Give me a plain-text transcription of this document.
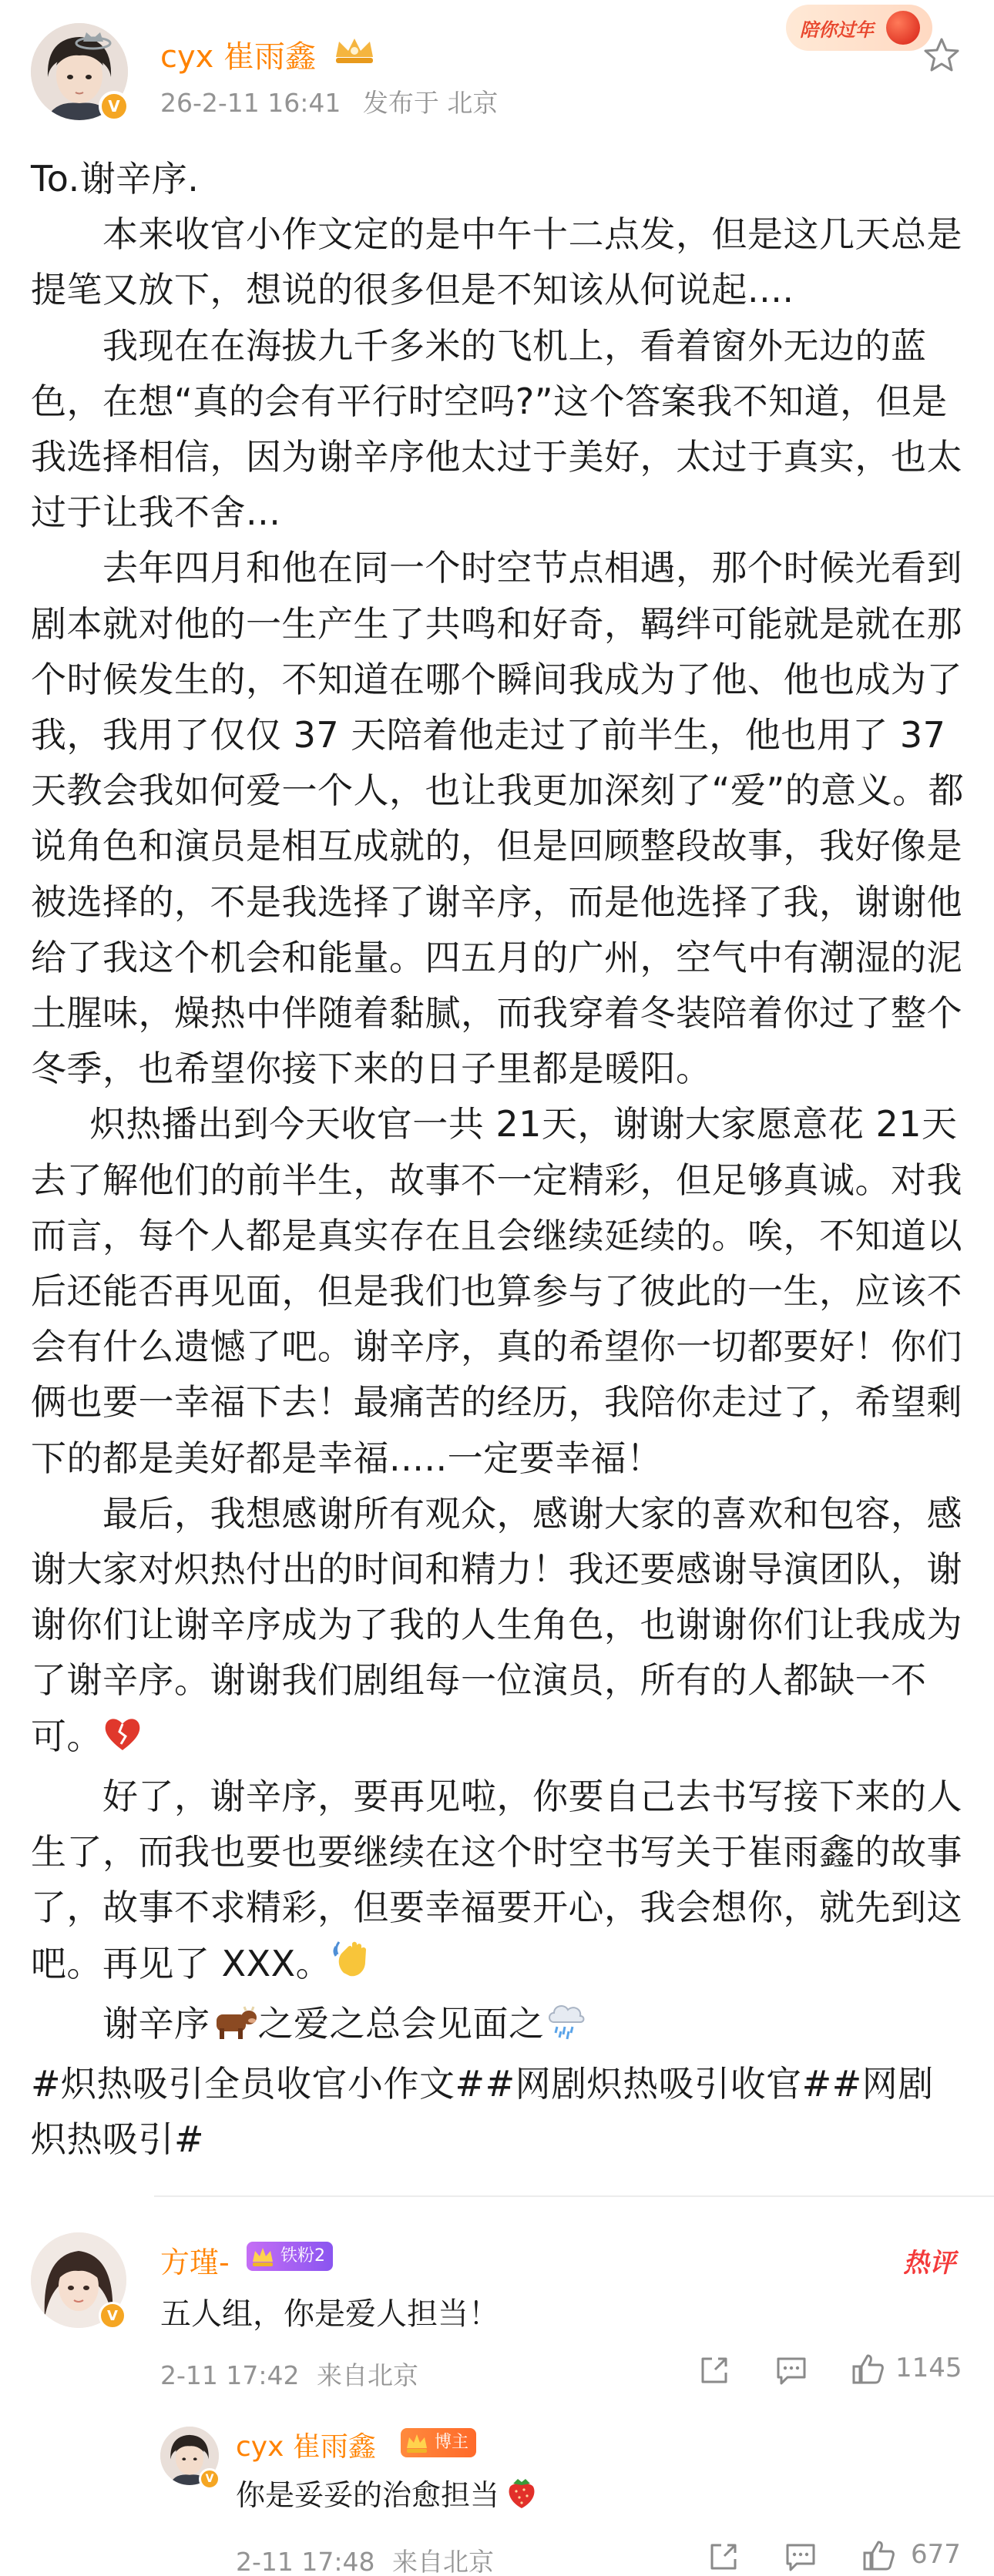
V
cyx 崔雨鑫
26-2-11 16:41 发布于 北京
陪你过年

To.谢辛序.

　　本来收官小作文定的是中午十二点发，但是这几天总是提笔又放下，想说的很多但是不知该从何说起....

　　我现在在海拔九千多米的飞机上，看着窗外无边的蓝色，在想“真的会有平行时空吗?”这个答案我不知道，但是我选择相信，因为谢辛序他太过于美好，太过于真实，也太过于让我不舍...

　　去年四月和他在同一个时空节点相遇，那个时候光看到剧本就对他的一生产生了共鸣和好奇，羁绊可能就是就在那个时候发生的，不知道在哪个瞬间我成为了他、他也成为了我，我用了仅仅 37 天陪着他走过了前半生，他也用了 37 天教会我如何爱一个人，也让我更加深刻了“爱”的意义。都说角色和演员是相互成就的，但是回顾整段故事，我好像是被选择的，不是我选择了谢辛序，而是他选择了我，谢谢他给了我这个机会和能量。四五月的广州，空气中有潮湿的泥土腥味，燥热中伴随着黏腻，而我穿着冬装陪着你过了整个冬季，也希望你接下来的日子里都是暖阳。

　  炽热播出到今天收官一共 21天，谢谢大家愿意花 21天去了解他们的前半生，故事不一定精彩，但足够真诚。对我而言，每个人都是真实存在且会继续延续的。唉，不知道以后还能否再见面，但是我们也算参与了彼此的一生，应该不会有什么遗憾了吧。谢辛序，真的希望你一切都要好！你们俩也要一幸福下去！最痛苦的经历，我陪你走过了，希望剩下的都是美好都是幸福.....一定要幸福！

　　最后，我想感谢所有观众，感谢大家的喜欢和包容，感谢大家对炽热付出的时间和精力！我还要感谢导演团队，谢谢你们让谢辛序成为了我的人生角色，也谢谢你们让我成为了谢辛序。谢谢我们剧组每一位演员，所有的人都缺一不可。

　　好了，谢辛序，要再见啦，你要自己去书写接下来的人生了，而我也要也要继续在这个时空书写关于崔雨鑫的故事了，故事不求精彩，但要幸福要开心，我会想你，就先到这吧。再见了 XXX。

　　谢辛序 之爱之总会见面之

#炽热吸引全员收官小作文##网剧炽热吸引收官##网剧炽热吸引#

V
方瑾-	铁粉2	热评
五人组，你是爱人担当！
2-11 17:42 来自北京	1145
V
cyx 崔雨鑫	博主
你是妥妥的治愈担当
2-11 17:48 来自北京	677
